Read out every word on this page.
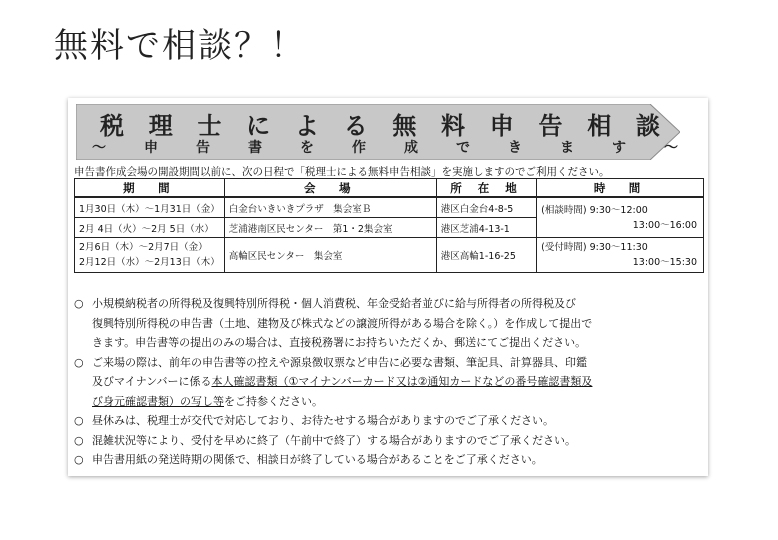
無料で相談？！
税 理 士 に よ る 無 料 申 告 相 談
～	申	告	書	を	作	成	で	き	ま	す	～
申告書作成会場の開設期間以前に、次の日程で「税理士による無料申告相談」を実施しますのでご利用ください。
期　間	会　場	所 在 地	時　間
1月30日（木）～1月31日（金）	白金台いきいきプラザ　集会室Ｂ	港区白金台4-8-5	(相談時間) 9:30～12:00
13:00～16:00

2月 4日（火）～2月 5日（水）	芝浦港南区民センター　第1・2集会室	港区芝浦4-13-1	

2月6日（木）～2月7日（金）
2月12日（水）～2月13日（木）	高輪区民センター　集会室	港区高輪1-16-25	(受付時間) 9:30～11:30
13:00～15:30
○ 小規模納税者の所得税及復興特別所得税・個人消費税、年金受給者並びに給与所得者の所得税及び
復興特別所得税の申告書（土地、建物及び株式などの譲渡所得がある場合を除く。）を作成して提出で
きます。申告書等の提出のみの場合は、直接税務署にお持ちいただくか、郵送にてご提出ください。
○ ご来場の際は、前年の申告書等の控えや源泉徴収票など申告に必要な書類、筆記具、計算器具、印鑑
及びマイナンバーに係る本人確認書類（①マイナンバーカード又は②通知カードなどの番号確認書類及
び身元確認書類）の写し等をご持参ください。
○ 昼休みは、税理士が交代で対応しており、お待たせする場合がありますのでご了承ください。
○ 混雑状況等により、受付を早めに終了（午前中で終了）する場合がありますのでご了承ください。
○ 申告書用紙の発送時期の関係で、相談日が終了している場合があることをご了承ください。
